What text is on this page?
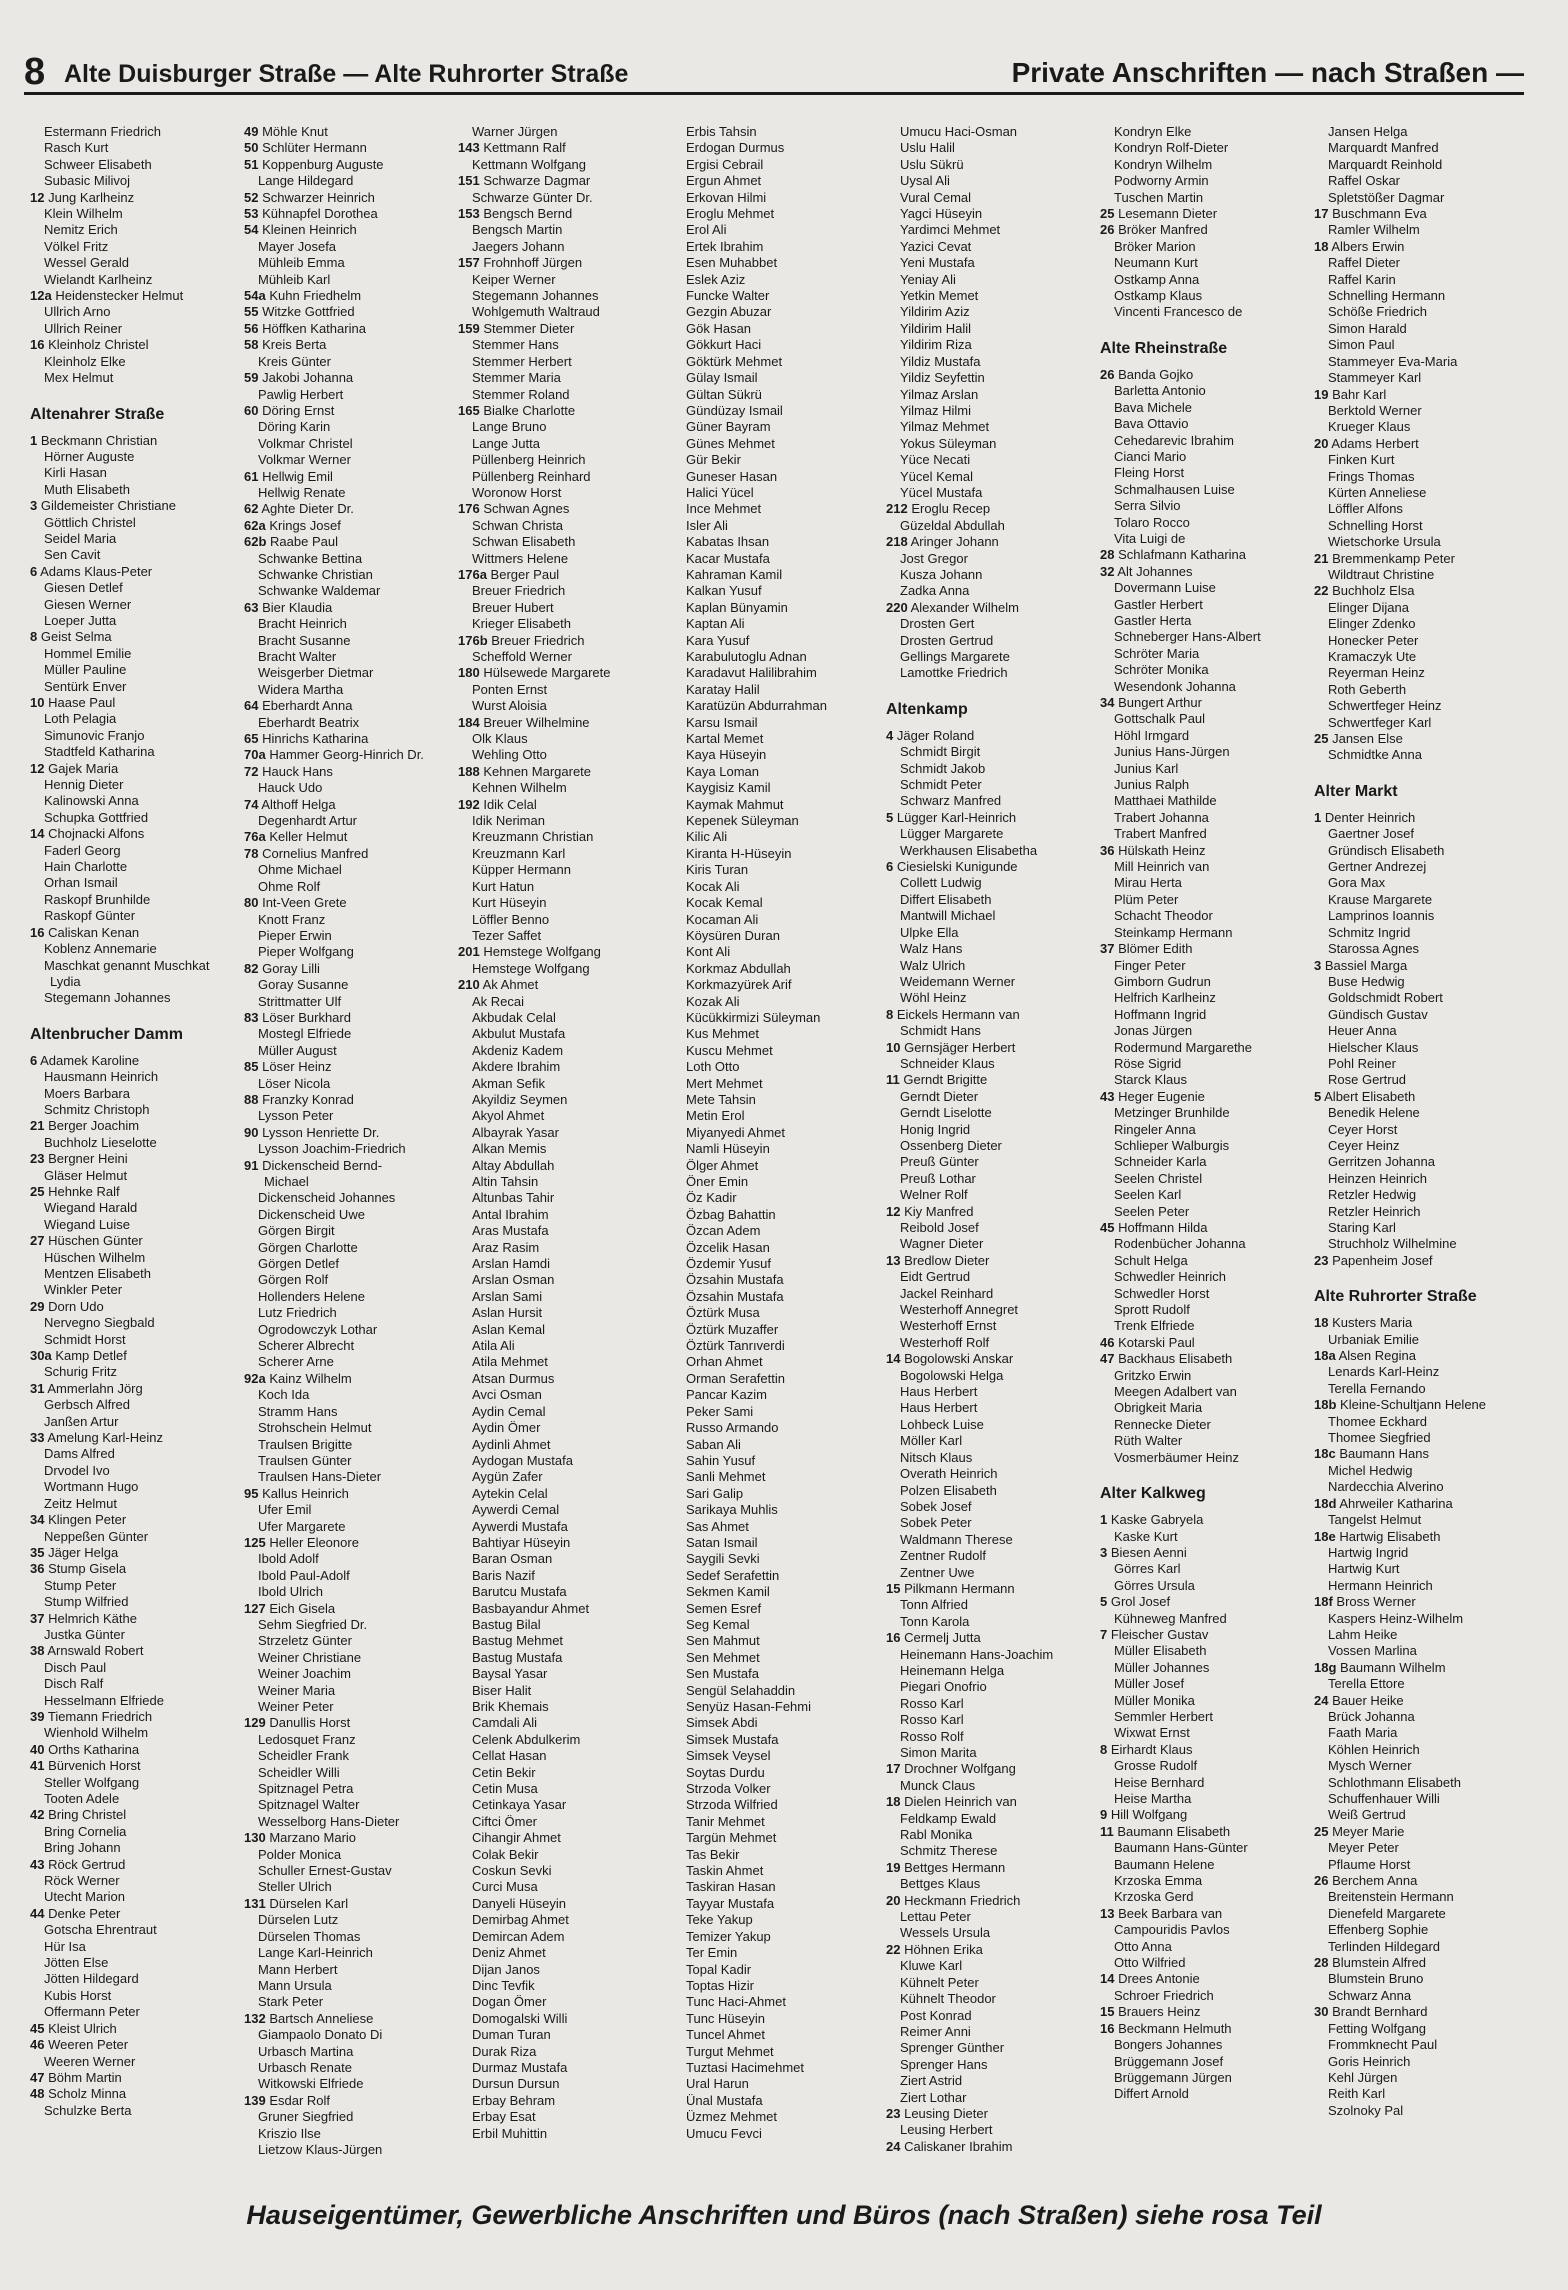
8 Alte Duisburger Straße — Alte Ruhrorter Straße	Private Anschriften — nach Straßen —
Estermann Friedrich
Rasch Kurt
Schweer Elisabeth
Subasic Milivoj
12 Jung Karlheinz
Klein Wilhelm
Nemitz Erich
Völkel Fritz
Wessel Gerald
Wielandt Karlheinz
12a Heidenstecker Helmut
Ullrich Arno
Ullrich Reiner
16 Kleinholz Christel
Kleinholz Elke
Mex Helmut
Altenahrer Straße
1 Beckmann Christian
Hörner Auguste
Kirli Hasan
Muth Elisabeth
3 Gildemeister Christiane
Göttlich Christel
Seidel Maria
Sen Cavit
6 Adams Klaus-Peter
Giesen Detlef
Giesen Werner
Loeper Jutta
8 Geist Selma
Hommel Emilie
Müller Pauline
Sentürk Enver
10 Haase Paul
Loth Pelagia
Simunovic Franjo
Stadtfeld Katharina
12 Gajek Maria
Hennig Dieter
Kalinowski Anna
Schupka Gottfried
14 Chojnacki Alfons
Faderl Georg
Hain Charlotte
Orhan Ismail
Raskopf Brunhilde
Raskopf Günter
16 Caliskan Kenan
Koblenz Annemarie
Maschkat genannt Muschkat
Lydia
Stegemann Johannes
Altenbrucher Damm
6 Adamek Karoline
Hausmann Heinrich
Moers Barbara
Schmitz Christoph
21 Berger Joachim
Buchholz Lieselotte
23 Bergner Heini
Gläser Helmut
25 Hehnke Ralf
Wiegand Harald
Wiegand Luise
27 Hüschen Günter
Hüschen Wilhelm
Mentzen Elisabeth
Winkler Peter
29 Dorn Udo
Nervegno Siegbald
Schmidt Horst
30a Kamp Detlef
Schurig Fritz
31 Ammerlahn Jörg
Gerbsch Alfred
Janßen Artur
33 Amelung Karl-Heinz
Dams Alfred
Drvodel Ivo
Wortmann Hugo
Zeitz Helmut
34 Klingen Peter
Neppeßen Günter
35 Jäger Helga
36 Stump Gisela
Stump Peter
Stump Wilfried
37 Helmrich Käthe
Justka Günter
38 Arnswald Robert
Disch Paul
Disch Ralf
Hesselmann Elfriede
39 Tiemann Friedrich
Wienhold Wilhelm
40 Orths Katharina
41 Bürvenich Horst
Steller Wolfgang
Tooten Adele
42 Bring Christel
Bring Cornelia
Bring Johann
43 Röck Gertrud
Röck Werner
Utecht Marion
44 Denke Peter
Gotscha Ehrentraut
Hür Isa
Jötten Else
Jötten Hildegard
Kubis Horst
Offermann Peter
45 Kleist Ulrich
46 Weeren Peter
Weeren Werner
47 Böhm Martin
48 Scholz Minna
Schulzke Berta
49 Möhle Knut
50 Schlüter Hermann
51 Koppenburg Auguste
Lange Hildegard
52 Schwarzer Heinrich
53 Kühnapfel Dorothea
54 Kleinen Heinrich
Mayer Josefa
Mühleib Emma
Mühleib Karl
54a Kuhn Friedhelm
55 Witzke Gottfried
56 Höffken Katharina
58 Kreis Berta
Kreis Günter
59 Jakobi Johanna
Pawlig Herbert
60 Döring Ernst
Döring Karin
Volkmar Christel
Volkmar Werner
61 Hellwig Emil
Hellwig Renate
62 Aghte Dieter Dr.
62a Krings Josef
62b Raabe Paul
Schwanke Bettina
Schwanke Christian
Schwanke Waldemar
63 Bier Klaudia
Bracht Heinrich
Bracht Susanne
Bracht Walter
Weisgerber Dietmar
Widera Martha
64 Eberhardt Anna
Eberhardt Beatrix
65 Hinrichs Katharina
70a Hammer Georg-Hinrich Dr.
72 Hauck Hans
Hauck Udo
74 Althoff Helga
Degenhardt Artur
76a Keller Helmut
78 Cornelius Manfred
Ohme Michael
Ohme Rolf
80 Int-Veen Grete
Knott Franz
Pieper Erwin
Pieper Wolfgang
82 Goray Lilli
Goray Susanne
Strittmatter Ulf
83 Löser Burkhard
Mostegl Elfriede
Müller August
85 Löser Heinz
Löser Nicola
88 Franzky Konrad
Lysson Peter
90 Lysson Henriette Dr.
Lysson Joachim-Friedrich
91 Dickenscheid Bernd-
Michael
Dickenscheid Johannes
Dickenscheid Uwe
Görgen Birgit
Görgen Charlotte
Görgen Detlef
Görgen Rolf
Hollenders Helene
Lutz Friedrich
Ogrodowczyk Lothar
Scherer Albrecht
Scherer Arne
92a Kainz Wilhelm
Koch Ida
Stramm Hans
Strohschein Helmut
Traulsen Brigitte
Traulsen Günter
Traulsen Hans-Dieter
95 Kallus Heinrich
Ufer Emil
Ufer Margarete
125 Heller Eleonore
Ibold Adolf
Ibold Paul-Adolf
Ibold Ulrich
127 Eich Gisela
Sehm Siegfried Dr.
Strzeletz Günter
Weiner Christiane
Weiner Joachim
Weiner Maria
Weiner Peter
129 Danullis Horst
Ledosquet Franz
Scheidler Frank
Scheidler Willi
Spitznagel Petra
Spitznagel Walter
Wesselborg Hans-Dieter
130 Marzano Mario
Polder Monica
Schuller Ernest-Gustav
Steller Ulrich
131 Dürselen Karl
Dürselen Lutz
Dürselen Thomas
Lange Karl-Heinrich
Mann Herbert
Mann Ursula
Stark Peter
132 Bartsch Anneliese
Giampaolo Donato Di
Urbasch Martina
Urbasch Renate
Witkowski Elfriede
139 Esdar Rolf
Gruner Siegfried
Kriszio Ilse
Lietzow Klaus-Jürgen
Warner Jürgen
143 Kettmann Ralf
Kettmann Wolfgang
151 Schwarze Dagmar
Schwarze Günter Dr.
153 Bengsch Bernd
Bengsch Martin
Jaegers Johann
157 Frohnhoff Jürgen
Keiper Werner
Stegemann Johannes
Wohlgemuth Waltraud
159 Stemmer Dieter
Stemmer Hans
Stemmer Herbert
Stemmer Maria
Stemmer Roland
165 Bialke Charlotte
Lange Bruno
Lange Jutta
Püllenberg Heinrich
Püllenberg Reinhard
Woronow Horst
176 Schwan Agnes
Schwan Christa
Schwan Elisabeth
Wittmers Helene
176a Berger Paul
Breuer Friedrich
Breuer Hubert
Krieger Elisabeth
176b Breuer Friedrich
Scheffold Werner
180 Hülsewede Margarete
Ponten Ernst
Wurst Aloisia
184 Breuer Wilhelmine
Olk Klaus
Wehling Otto
188 Kehnen Margarete
Kehnen Wilhelm
192 Idik Celal
Idik Neriman
Kreuzmann Christian
Kreuzmann Karl
Küpper Hermann
Kurt Hatun
Kurt Hüseyin
Löffler Benno
Tezer Saffet
201 Hemstege Wolfgang
Hemstege Wolfgang
210 Ak Ahmet
Ak Recai
Akbudak Celal
Akbulut Mustafa
Akdeniz Kadem
Akdere Ibrahim
Akman Sefik
Akyildiz Seymen
Akyol Ahmet
Albayrak Yasar
Alkan Memis
Altay Abdullah
Altin Tahsin
Altunbas Tahir
Antal Ibrahim
Aras Mustafa
Araz Rasim
Arslan Hamdi
Arslan Osman
Arslan Sami
Aslan Hursit
Aslan Kemal
Atila Ali
Atila Mehmet
Atsan Durmus
Avci Osman
Aydin Cemal
Aydin Ömer
Aydinli Ahmet
Aydogan Mustafa
Aygün Zafer
Aytekin Celal
Aywerdi Cemal
Aywerdi Mustafa
Bahtiyar Hüseyin
Baran Osman
Baris Nazif
Barutcu Mustafa
Basbayandur Ahmet
Bastug Bilal
Bastug Mehmet
Bastug Mustafa
Baysal Yasar
Biser Halit
Brik Khemais
Camdali Ali
Celenk Abdulkerim
Cellat Hasan
Cetin Bekir
Cetin Musa
Cetinkaya Yasar
Ciftci Ömer
Cihangir Ahmet
Colak Bekir
Coskun Sevki
Curci Musa
Danyeli Hüseyin
Demirbag Ahmet
Demircan Adem
Deniz Ahmet
Dijan Janos
Dinc Tevfik
Dogan Ömer
Domogalski Willi
Duman Turan
Durak Riza
Durmaz Mustafa
Dursun Dursun
Erbay Behram
Erbay Esat
Erbil Muhittin
Erbis Tahsin
Erdogan Durmus
Ergisi Cebrail
Ergun Ahmet
Erkovan Hilmi
Eroglu Mehmet
Erol Ali
Ertek Ibrahim
Esen Muhabbet
Eslek Aziz
Funcke Walter
Gezgin Abuzar
Gök Hasan
Gökkurt Haci
Göktürk Mehmet
Gülay Ismail
Gültan Sükrü
Gündüzay Ismail
Güner Bayram
Günes Mehmet
Gür Bekir
Guneser Hasan
Halici Yücel
Ince Mehmet
Isler Ali
Kabatas Ihsan
Kacar Mustafa
Kahraman Kamil
Kalkan Yusuf
Kaplan Bünyamin
Kaptan Ali
Kara Yusuf
Karabulutoglu Adnan
Karadavut Halilibrahim
Karatay Halil
Karatüzün Abdurrahman
Karsu Ismail
Kartal Memet
Kaya Hüseyin
Kaya Loman
Kaygisiz Kamil
Kaymak Mahmut
Kepenek Süleyman
Kilic Ali
Kiranta H-Hüseyin
Kiris Turan
Kocak Ali
Kocak Kemal
Kocaman Ali
Köysüren Duran
Kont Ali
Korkmaz Abdullah
Korkmazyürek Arif
Kozak Ali
Kücükkirmizi Süleyman
Kus Mehmet
Kuscu Mehmet
Loth Otto
Mert Mehmet
Mete Tahsin
Metin Erol
Miyanyedi Ahmet
Namli Hüseyin
Ölger Ahmet
Öner Emin
Öz Kadir
Özbag Bahattin
Özcan Adem
Özcelik Hasan
Özdemir Yusuf
Özsahin Mustafa
Özsahin Mustafa
Öztürk Musa
Öztürk Muzaffer
Öztürk Tanrıverdi
Orhan Ahmet
Orman Serafettin
Pancar Kazim
Peker Sami
Russo Armando
Saban Ali
Sahin Yusuf
Sanli Mehmet
Sari Galip
Sarikaya Muhlis
Sas Ahmet
Satan Ismail
Saygili Sevki
Sedef Serafettin
Sekmen Kamil
Semen Esref
Seg Kemal
Sen Mahmut
Sen Mehmet
Sen Mustafa
Sengül Selahaddin
Senyüz Hasan-Fehmi
Simsek Abdi
Simsek Mustafa
Simsek Veysel
Soytas Durdu
Strzoda Volker
Strzoda Wilfried
Tanir Mehmet
Targün Mehmet
Tas Bekir
Taskin Ahmet
Taskiran Hasan
Tayyar Mustafa
Teke Yakup
Temizer Yakup
Ter Emin
Topal Kadir
Toptas Hizir
Tunc Haci-Ahmet
Tunc Hüseyin
Tuncel Ahmet
Turgut Mehmet
Tuztasi Hacimehmet
Ural Harun
Ünal Mustafa
Üzmez Mehmet
Umucu Fevci
Umucu Haci-Osman
Uslu Halil
Uslu Sükrü
Uysal Ali
Vural Cemal
Yagci Hüseyin
Yardimci Mehmet
Yazici Cevat
Yeni Mustafa
Yeniay Ali
Yetkin Memet
Yildirim Aziz
Yildirim Halil
Yildirim Riza
Yildiz Mustafa
Yildiz Seyfettin
Yilmaz Arslan
Yilmaz Hilmi
Yilmaz Mehmet
Yokus Süleyman
Yüce Necati
Yücel Kemal
Yücel Mustafa
212 Eroglu Recep
Güzeldal Abdullah
218 Aringer Johann
Jost Gregor
Kusza Johann
Zadka Anna
220 Alexander Wilhelm
Drosten Gert
Drosten Gertrud
Gellings Margarete
Lamottke Friedrich
Altenkamp
4 Jäger Roland
Schmidt Birgit
Schmidt Jakob
Schmidt Peter
Schwarz Manfred
5 Lügger Karl-Heinrich
Lügger Margarete
Werkhausen Elisabetha
6 Ciesielski Kunigunde
Collett Ludwig
Differt Elisabeth
Mantwill Michael
Ulpke Ella
Walz Hans
Walz Ulrich
Weidemann Werner
Wöhl Heinz
8 Eickels Hermann van
Schmidt Hans
10 Gernsjäger Herbert
Schneider Klaus
11 Gerndt Brigitte
Gerndt Dieter
Gerndt Liselotte
Honig Ingrid
Ossenberg Dieter
Preuß Günter
Preuß Lothar
Welner Rolf
12 Kiy Manfred
Reibold Josef
Wagner Dieter
13 Bredlow Dieter
Eidt Gertrud
Jackel Reinhard
Westerhoff Annegret
Westerhoff Ernst
Westerhoff Rolf
14 Bogolowski Anskar
Bogolowski Helga
Haus Herbert
Haus Herbert
Lohbeck Luise
Möller Karl
Nitsch Klaus
Overath Heinrich
Polzen Elisabeth
Sobek Josef
Sobek Peter
Waldmann Therese
Zentner Rudolf
Zentner Uwe
15 Pilkmann Hermann
Tonn Alfried
Tonn Karola
16 Cermelj Jutta
Heinemann Hans-Joachim
Heinemann Helga
Piegari Onofrio
Rosso Karl
Rosso Karl
Rosso Rolf
Simon Marita
17 Drochner Wolfgang
Munck Claus
18 Dielen Heinrich van
Feldkamp Ewald
Rabl Monika
Schmitz Therese
19 Bettges Hermann
Bettges Klaus
20 Heckmann Friedrich
Lettau Peter
Wessels Ursula
22 Höhnen Erika
Kluwe Karl
Kühnelt Peter
Kühnelt Theodor
Post Konrad
Reimer Anni
Sprenger Günther
Sprenger Hans
Ziert Astrid
Ziert Lothar
23 Leusing Dieter
Leusing Herbert
24 Caliskaner Ibrahim
Kondryn Elke
Kondryn Rolf-Dieter
Kondryn Wilhelm
Podworny Armin
Tuschen Martin
25 Lesemann Dieter
26 Bröker Manfred
Bröker Marion
Neumann Kurt
Ostkamp Anna
Ostkamp Klaus
Vincenti Francesco de
Alte Rheinstraße
26 Banda Gojko
Barletta Antonio
Bava Michele
Bava Ottavio
Cehedarevic Ibrahim
Cianci Mario
Fleing Horst
Schmalhausen Luise
Serra Silvio
Tolaro Rocco
Vita Luigi de
28 Schlafmann Katharina
32 Alt Johannes
Dovermann Luise
Gastler Herbert
Gastler Herta
Schneberger Hans-Albert
Schröter Maria
Schröter Monika
Wesendonk Johanna
34 Bungert Arthur
Gottschalk Paul
Höhl Irmgard
Junius Hans-Jürgen
Junius Karl
Junius Ralph
Matthaei Mathilde
Trabert Johanna
Trabert Manfred
36 Hülskath Heinz
Mill Heinrich van
Mirau Herta
Plüm Peter
Schacht Theodor
Steinkamp Hermann
37 Blömer Edith
Finger Peter
Gimborn Gudrun
Helfrich Karlheinz
Hoffmann Ingrid
Jonas Jürgen
Rodermund Margarethe
Röse Sigrid
Starck Klaus
43 Heger Eugenie
Metzinger Brunhilde
Ringeler Anna
Schlieper Walburgis
Schneider Karla
Seelen Christel
Seelen Karl
Seelen Peter
45 Hoffmann Hilda
Rodenbücher Johanna
Schult Helga
Schwedler Heinrich
Schwedler Horst
Sprott Rudolf
Trenk Elfriede
46 Kotarski Paul
47 Backhaus Elisabeth
Gritzko Erwin
Meegen Adalbert van
Obrigkeit Maria
Rennecke Dieter
Rüth Walter
Vosmerbäumer Heinz
Alter Kalkweg
1 Kaske Gabryela
Kaske Kurt
3 Biesen Aenni
Görres Karl
Görres Ursula
5 Grol Josef
Kühneweg Manfred
7 Fleischer Gustav
Müller Elisabeth
Müller Johannes
Müller Josef
Müller Monika
Semmler Herbert
Wixwat Ernst
8 Eirhardt Klaus
Grosse Rudolf
Heise Bernhard
Heise Martha
9 Hill Wolfgang
11 Baumann Elisabeth
Baumann Hans-Günter
Baumann Helene
Krzoska Emma
Krzoska Gerd
13 Beek Barbara van
Campouridis Pavlos
Otto Anna
Otto Wilfried
14 Drees Antonie
Schroer Friedrich
15 Brauers Heinz
16 Beckmann Helmuth
Bongers Johannes
Brüggemann Josef
Brüggemann Jürgen
Differt Arnold
Jansen Helga
Marquardt Manfred
Marquardt Reinhold
Raffel Oskar
Spletstößer Dagmar
17 Buschmann Eva
Ramler Wilhelm
18 Albers Erwin
Raffel Dieter
Raffel Karin
Schnelling Hermann
Schöße Friedrich
Simon Harald
Simon Paul
Stammeyer Eva-Maria
Stammeyer Karl
19 Bahr Karl
Berktold Werner
Krueger Klaus
20 Adams Herbert
Finken Kurt
Frings Thomas
Kürten Anneliese
Löffler Alfons
Schnelling Horst
Wietschorke Ursula
21 Bremmenkamp Peter
Wildtraut Christine
22 Buchholz Elsa
Elinger Dijana
Elinger Zdenko
Honecker Peter
Kramaczyk Ute
Reyerman Heinz
Roth Geberth
Schwertfeger Heinz
Schwertfeger Karl
25 Jansen Else
Schmidtke Anna
Alter Markt
1 Denter Heinrich
Gaertner Josef
Gründisch Elisabeth
Gertner Andrezej
Gora Max
Krause Margarete
Lamprinos Ioannis
Schmitz Ingrid
Starossa Agnes
3 Bassiel Marga
Buse Hedwig
Goldschmidt Robert
Gündisch Gustav
Heuer Anna
Hielscher Klaus
Pohl Reiner
Rose Gertrud
5 Albert Elisabeth
Benedik Helene
Ceyer Horst
Ceyer Heinz
Gerritzen Johanna
Heinzen Heinrich
Retzler Hedwig
Retzler Heinrich
Staring Karl
Struchholz Wilhelmine
23 Papenheim Josef
Alte Ruhrorter Straße
18 Kusters Maria
Urbaniak Emilie
18a Alsen Regina
Lenards Karl-Heinz
Terella Fernando
18b Kleine-Schultjann Helene
Thomee Eckhard
Thomee Siegfried
18c Baumann Hans
Michel Hedwig
Nardecchia Alverino
18d Ahrweiler Katharina
Tangelst Helmut
18e Hartwig Elisabeth
Hartwig Ingrid
Hartwig Kurt
Hermann Heinrich
18f Bross Werner
Kaspers Heinz-Wilhelm
Lahm Heike
Vossen Marlina
18g Baumann Wilhelm
Terella Ettore
24 Bauer Heike
Brück Johanna
Faath Maria
Köhlen Heinrich
Mysch Werner
Schlothmann Elisabeth
Schuffenhauer Willi
Weiß Gertrud
25 Meyer Marie
Meyer Peter
Pflaume Horst
26 Berchem Anna
Breitenstein Hermann
Dienefeld Margarete
Effenberg Sophie
Terlinden Hildegard
28 Blumstein Alfred
Blumstein Bruno
Schwarz Anna
30 Brandt Bernhard
Fetting Wolfgang
Frommknecht Paul
Goris Heinrich
Kehl Jürgen
Reith Karl
Szolnoky Pal
Hauseigentümer, Gewerbliche Anschriften und Büros (nach Straßen) siehe rosa Teil
